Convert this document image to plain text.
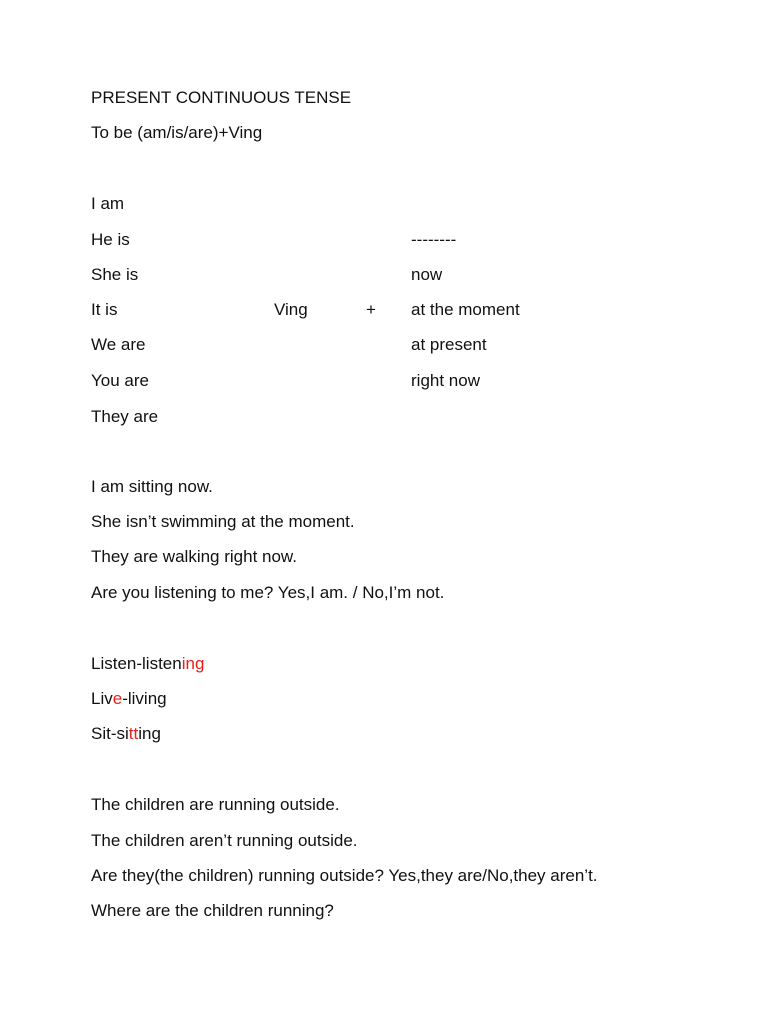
PRESENT CONTINUOUS TENSE
To be (am/is/are)+Ving
I am
He is
She is
It is
We are
You are
They are
Ving	+
--------
now
at the moment
at present
right now
I am sitting now.
She isn’t swimming at the moment.
They are walking right now.
Are you listening to me? Yes,I am. / No,I’m not.
Listen-listening
Live-living
Sit-sitting
The children are running outside.
The children aren’t running outside.
Are they(the children) running outside? Yes,they are/No,they aren’t.
Where are the children running?
